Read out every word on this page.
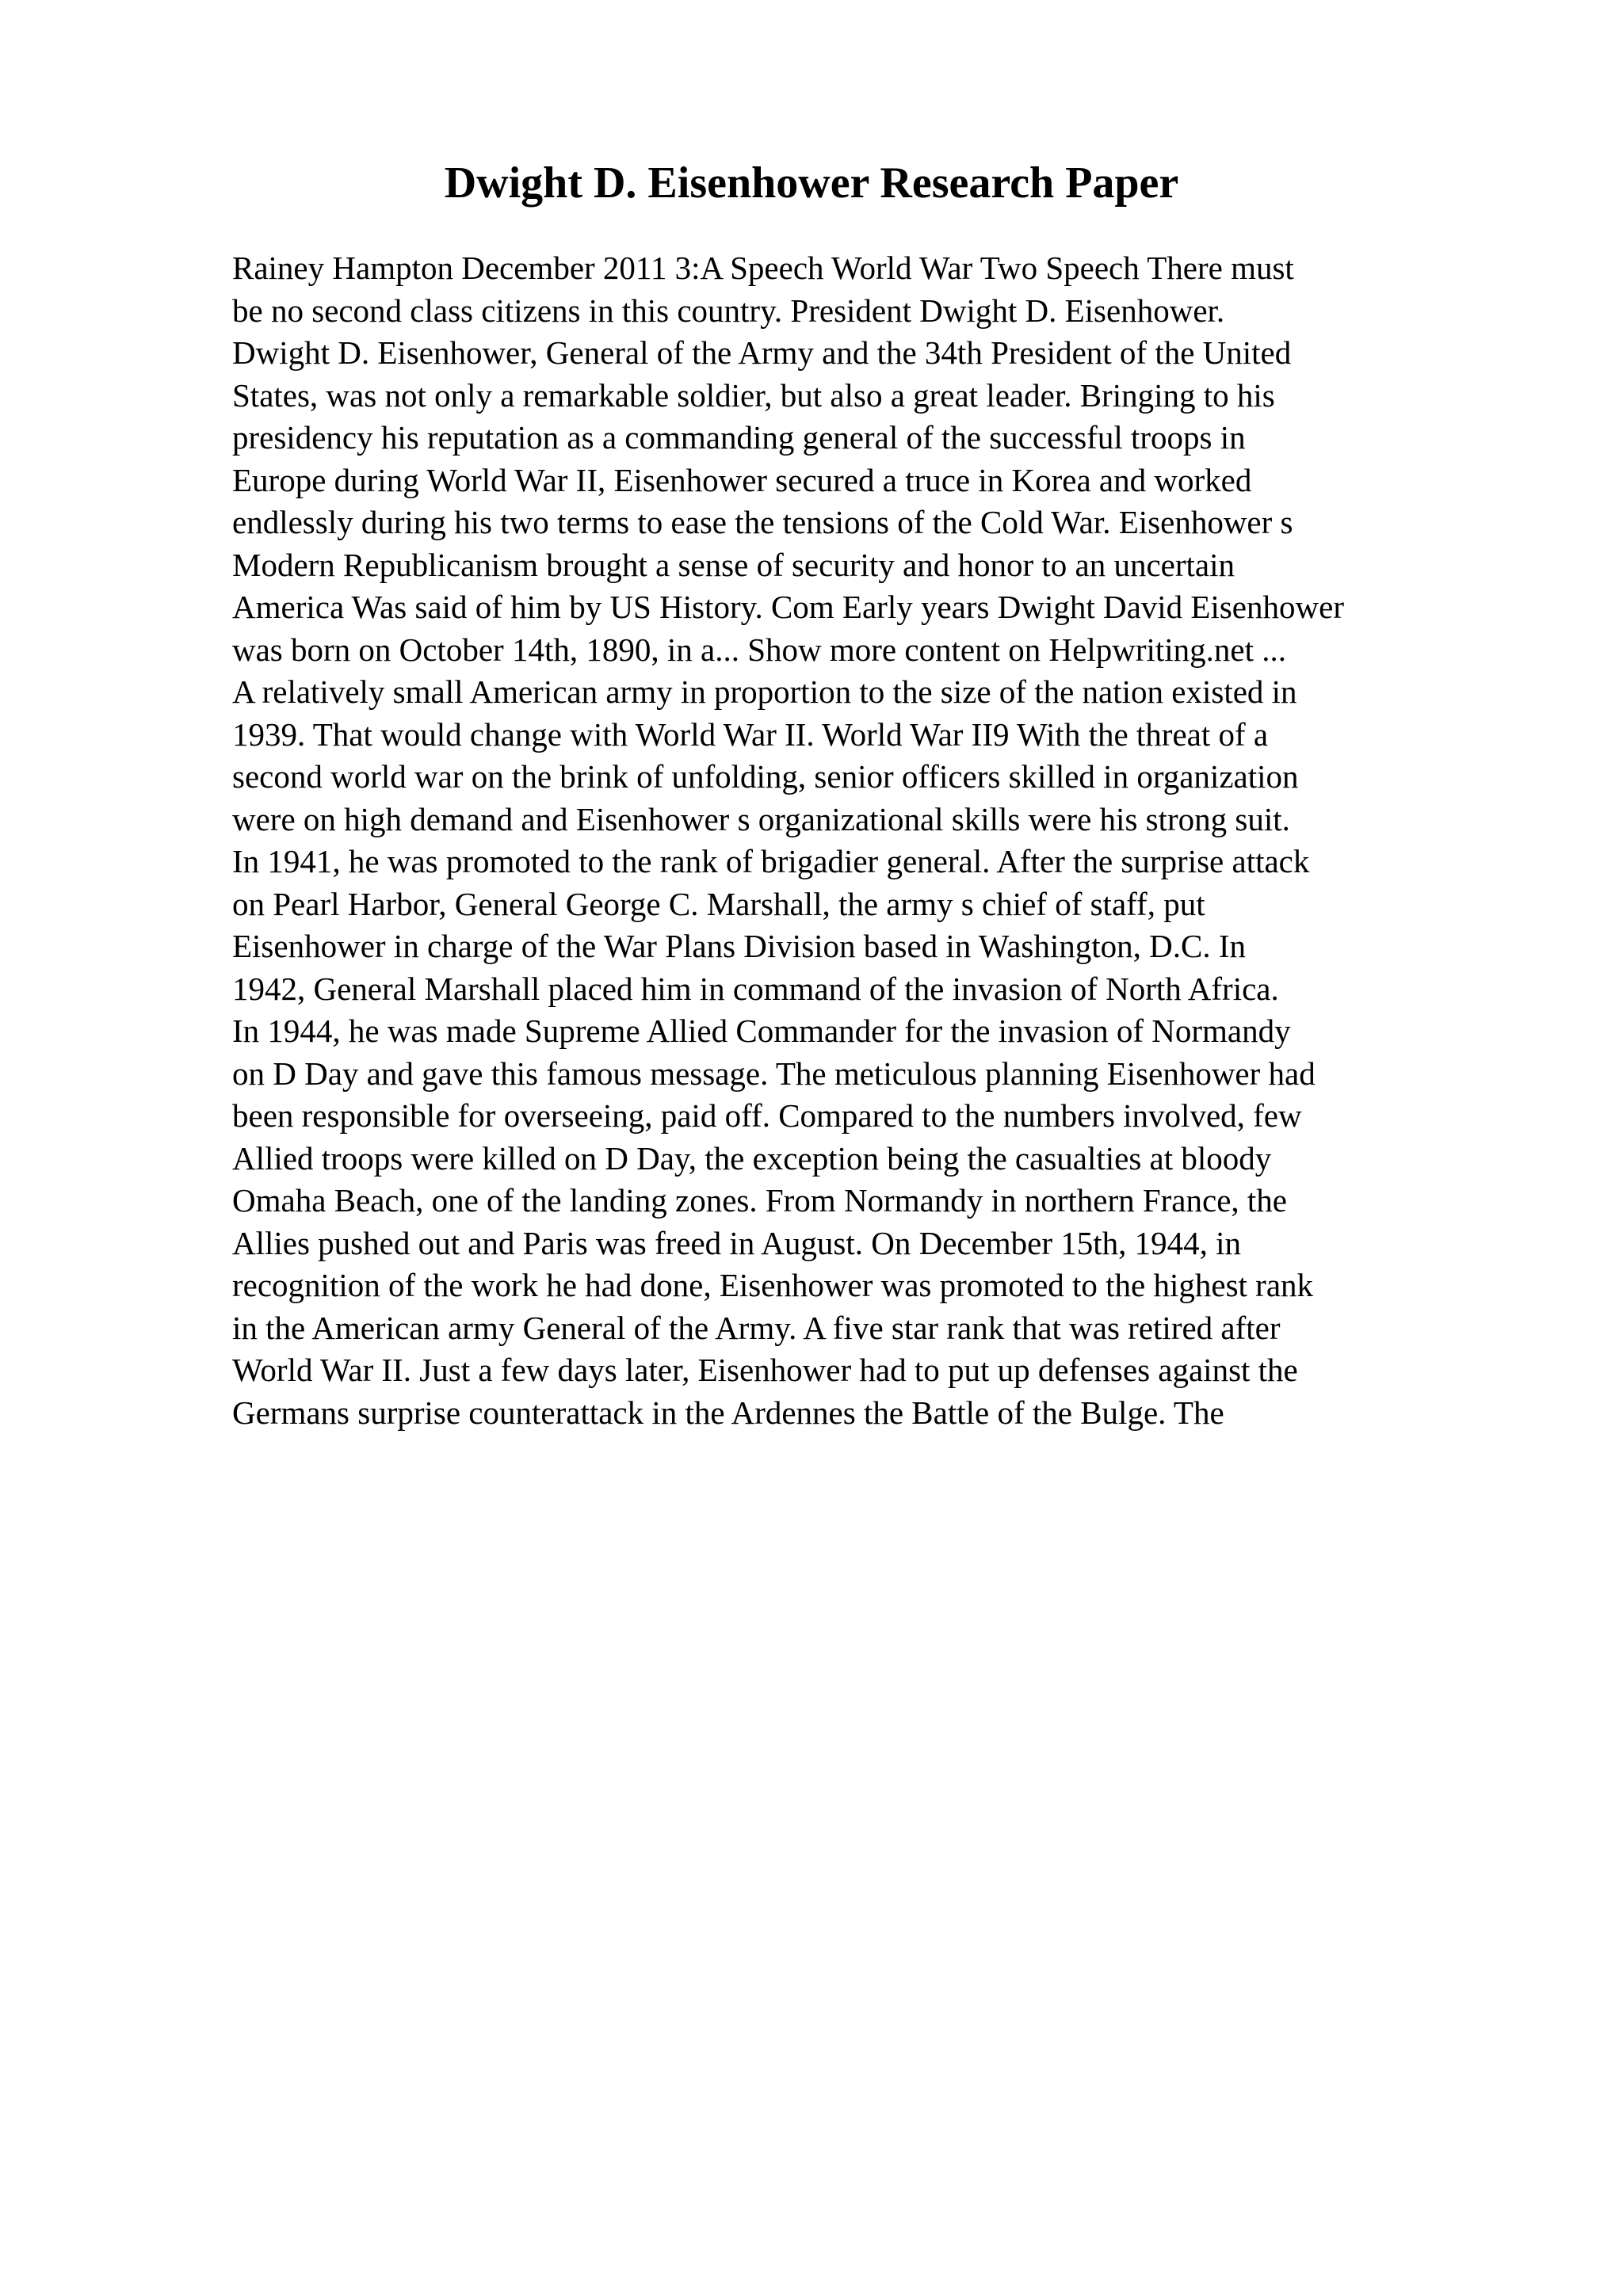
Dwight D. Eisenhower Research Paper
Rainey Hampton December 2011 3:A Speech World War Two Speech There must
be no second class citizens in this country. President Dwight D. Eisenhower.
Dwight D. Eisenhower, General of the Army and the 34th President of the United
States, was not only a remarkable soldier, but also a great leader. Bringing to his
presidency his reputation as a commanding general of the successful troops in
Europe during World War II, Eisenhower secured a truce in Korea and worked
endlessly during his two terms to ease the tensions of the Cold War. Eisenhower s
Modern Republicanism brought a sense of security and honor to an uncertain
America Was said of him by US History. Com Early years Dwight David Eisenhower
was born on October 14th, 1890, in a... Show more content on Helpwriting.net ...
A relatively small American army in proportion to the size of the nation existed in
1939. That would change with World War II. World War II9 With the threat of a
second world war on the brink of unfolding, senior officers skilled in organization
were on high demand and Eisenhower s organizational skills were his strong suit.
In 1941, he was promoted to the rank of brigadier general. After the surprise attack
on Pearl Harbor, General George C. Marshall, the army s chief of staff, put
Eisenhower in charge of the War Plans Division based in Washington, D.C. In
1942, General Marshall placed him in command of the invasion of North Africa.
In 1944, he was made Supreme Allied Commander for the invasion of Normandy
on D Day and gave this famous message. The meticulous planning Eisenhower had
been responsible for overseeing, paid off. Compared to the numbers involved, few
Allied troops were killed on D Day, the exception being the casualties at bloody
Omaha Beach, one of the landing zones. From Normandy in northern France, the
Allies pushed out and Paris was freed in August. On December 15th, 1944, in
recognition of the work he had done, Eisenhower was promoted to the highest rank
in the American army General of the Army. A five star rank that was retired after
World War II. Just a few days later, Eisenhower had to put up defenses against the
Germans surprise counterattack in the Ardennes the Battle of the Bulge. The
